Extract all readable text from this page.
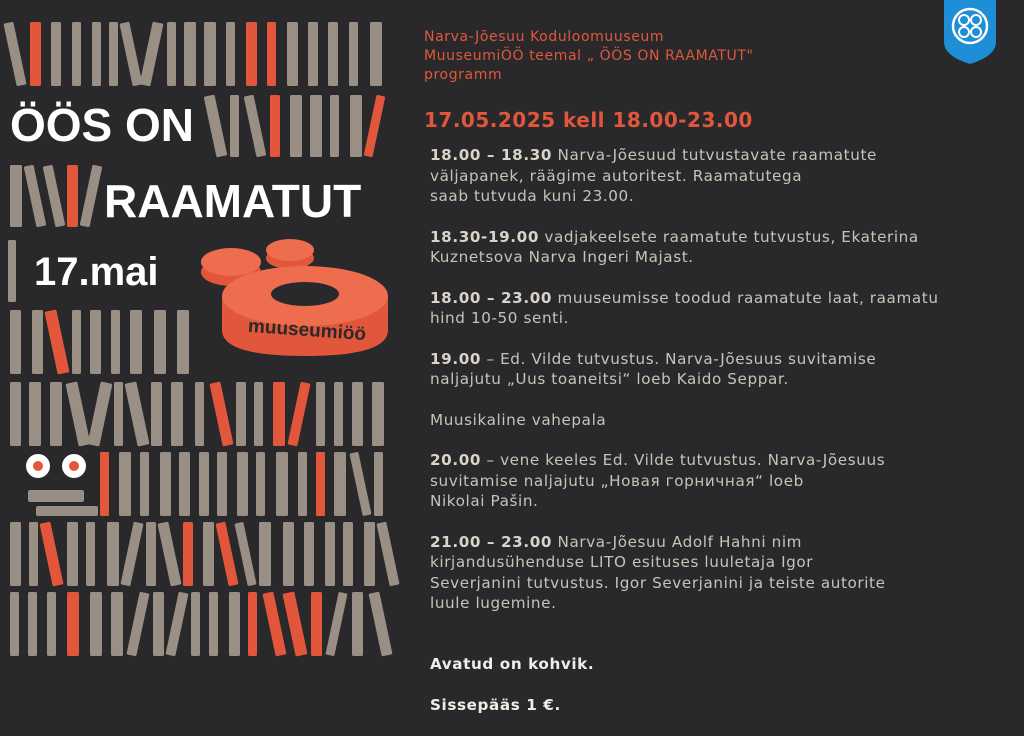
ÖÖS ON
RAAMATUT
17.mai
muuseumiöö
Narva-Jõesuu Koduloomuuseum
MuuseumiÖÖ teemal „ ÖÖS ON RAAMATUT"
programm
17.05.2025 kell 18.00-23.00
18.00 – 18.30 Narva-Jõesuud tutvustavate raamatute
väljapanek, räägime autoritest. Raamatutega
saab tutvuda kuni 23.00.
18.30-19.00 vadjakeelsete raamatute tutvustus, Ekaterina
Kuznetsova Narva Ingeri Majast.
18.00 – 23.00 muuseumisse toodud raamatute laat, raamatu
hind 10-50 senti.
19.00 – Ed. Vilde tutvustus. Narva-Jõesuus suvitamise
naljajutu „Uus toaneitsi“ loeb Kaido Seppar.
Muusikaline vahepala
20.00 – vene keeles Ed. Vilde tutvustus. Narva-Jõesuus
suvitamise naljajutu „Новая горничная“ loeb
Nikolai Pašin.
21.00 – 23.00 Narva-Jõesuu Adolf Hahni nim
kirjandusühenduse LITO esituses luuletaja Igor
Severjanini tutvustus. Igor Severjanini ja teiste autorite
luule lugemine.

Avatud on kohvik.

Sissepääs 1 €.
